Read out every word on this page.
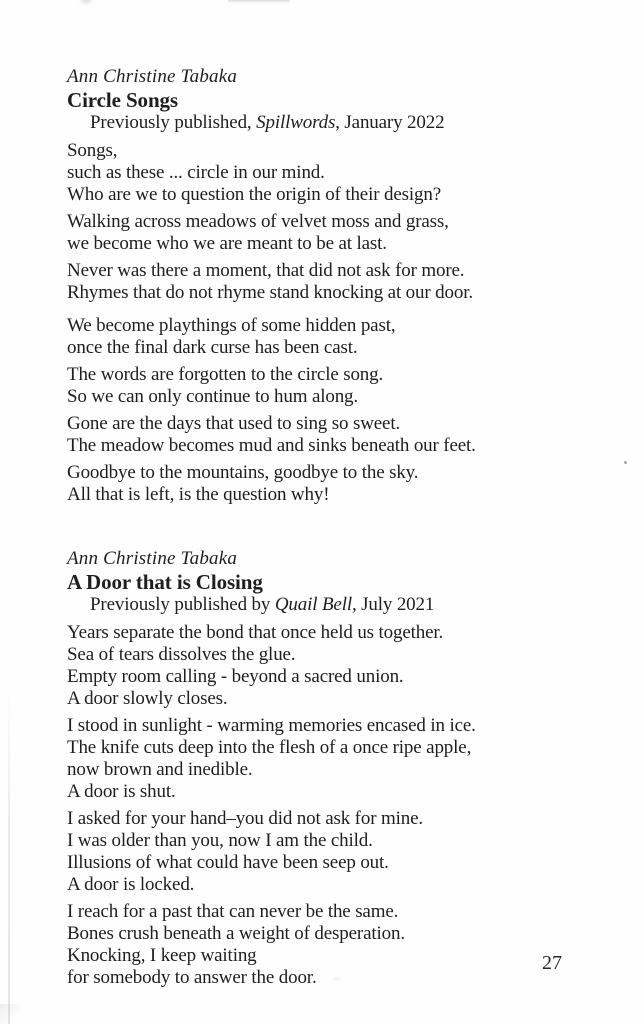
Ann Christine Tabaka
Circle Songs
Previously published, Spillwords, January 2022
Songs,
such as these ... circle in our mind.
Who are we to question the origin of their design?
Walking across meadows of velvet moss and grass,
we become who we are meant to be at last.
Never was there a moment, that did not ask for more.
Rhymes that do not rhyme stand knocking at our door.
We become playthings of some hidden past,
once the final dark curse has been cast.
The words are forgotten to the circle song.
So we can only continue to hum along.
Gone are the days that used to sing so sweet.
The meadow becomes mud and sinks beneath our feet.
Goodbye to the mountains, goodbye to the sky.
All that is left, is the question why!
Ann Christine Tabaka
A Door that is Closing
Previously published by Quail Bell, July 2021
Years separate the bond that once held us together.
Sea of tears dissolves the glue.
Empty room calling - beyond a sacred union.
A door slowly closes.
I stood in sunlight - warming memories encased in ice.
The knife cuts deep into the flesh of a once ripe apple,
now brown and inedible.
A door is shut.
I asked for your hand–you did not ask for mine.
I was older than you, now I am the child.
Illusions of what could have been seep out.
A door is locked.
I reach for a past that can never be the same.
Bones crush beneath a weight of desperation.
Knocking, I keep waiting
for somebody to answer the door.
27
